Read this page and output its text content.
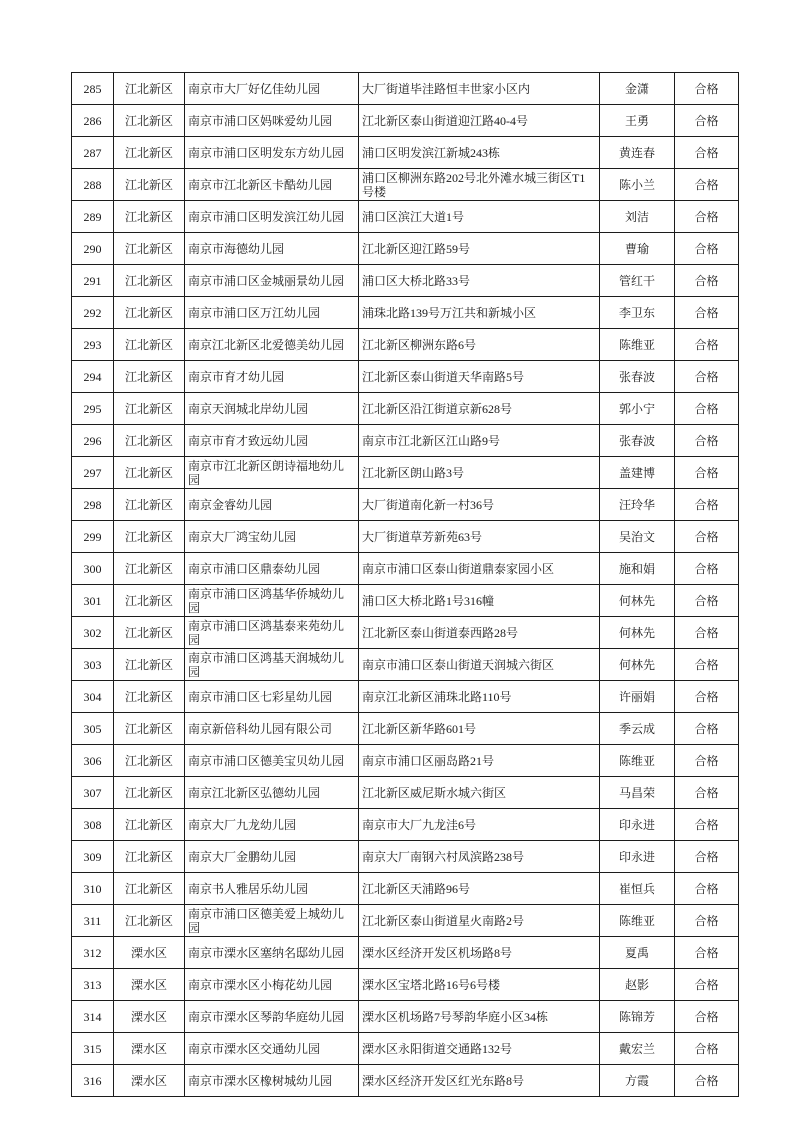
285	江北新区	南京市大厂好亿佳幼儿园	大厂街道毕洼路恒丰世家小区内	金潇	合格
286	江北新区	南京市浦口区妈咪爱幼儿园	江北新区泰山街道迎江路40-4号	王勇	合格
287	江北新区	南京市浦口区明发东方幼儿园	浦口区明发滨江新城243栋	黄连春	合格
288	江北新区	南京市江北新区卡酷幼儿园	浦口区柳洲东路202号北外滩水城三街区T1号楼	陈小兰	合格
289	江北新区	南京市浦口区明发滨江幼儿园	浦口区滨江大道1号	刘洁	合格
290	江北新区	南京市海德幼儿园	江北新区迎江路59号	曹瑜	合格
291	江北新区	南京市浦口区金城丽景幼儿园	浦口区大桥北路33号	管红干	合格
292	江北新区	南京市浦口区万江幼儿园	浦珠北路139号万江共和新城小区	李卫东	合格
293	江北新区	南京江北新区北爱德美幼儿园	江北新区柳洲东路6号	陈维亚	合格
294	江北新区	南京市育才幼儿园	江北新区泰山街道天华南路5号	张春波	合格
295	江北新区	南京天润城北岸幼儿园	江北新区沿江街道京新628号	郭小宁	合格
296	江北新区	南京市育才致远幼儿园	南京市江北新区江山路9号	张春波	合格
297	江北新区	南京市江北新区朗诗福地幼儿园	江北新区朗山路3号	盖建博	合格
298	江北新区	南京金睿幼儿园	大厂街道南化新一村36号	汪玲华	合格
299	江北新区	南京大厂鸿宝幼儿园	大厂街道草芳新苑63号	吴治文	合格
300	江北新区	南京市浦口区鼎泰幼儿园	南京市浦口区泰山街道鼎泰家园小区	施和娟	合格
301	江北新区	南京市浦口区鸿基华侨城幼儿园	浦口区大桥北路1号316幢	何林先	合格
302	江北新区	南京市浦口区鸿基泰来苑幼儿园	江北新区泰山街道泰西路28号	何林先	合格
303	江北新区	南京市浦口区鸿基天润城幼儿园	南京市浦口区泰山街道天润城六街区	何林先	合格
304	江北新区	南京市浦口区七彩星幼儿园	南京江北新区浦珠北路110号	许丽娟	合格
305	江北新区	南京新倍科幼儿园有限公司	江北新区新华路601号	季云成	合格
306	江北新区	南京市浦口区德美宝贝幼儿园	南京市浦口区丽岛路21号	陈维亚	合格
307	江北新区	南京江北新区弘德幼儿园	江北新区威尼斯水城六街区	马昌荣	合格
308	江北新区	南京大厂九龙幼儿园	南京市大厂九龙洼6号	印永进	合格
309	江北新区	南京大厂金鹏幼儿园	南京大厂南钢六村凤滨路238号	印永进	合格
310	江北新区	南京书人雅居乐幼儿园	江北新区天浦路96号	崔恒兵	合格
311	江北新区	南京市浦口区德美爱上城幼儿园	江北新区泰山街道星火南路2号	陈维亚	合格
312	溧水区	南京市溧水区塞纳名邸幼儿园	溧水区经济开发区机场路8号	夏禹	合格
313	溧水区	南京市溧水区小梅花幼儿园	溧水区宝塔北路16号6号楼	赵影	合格
314	溧水区	南京市溧水区琴韵华庭幼儿园	溧水区机场路7号琴韵华庭小区34栋	陈锦芳	合格
315	溧水区	南京市溧水区交通幼儿园	溧水区永阳街道交通路132号	戴宏兰	合格
316	溧水区	南京市溧水区橡树城幼儿园	溧水区经济开发区红光东路8号	方霞	合格
